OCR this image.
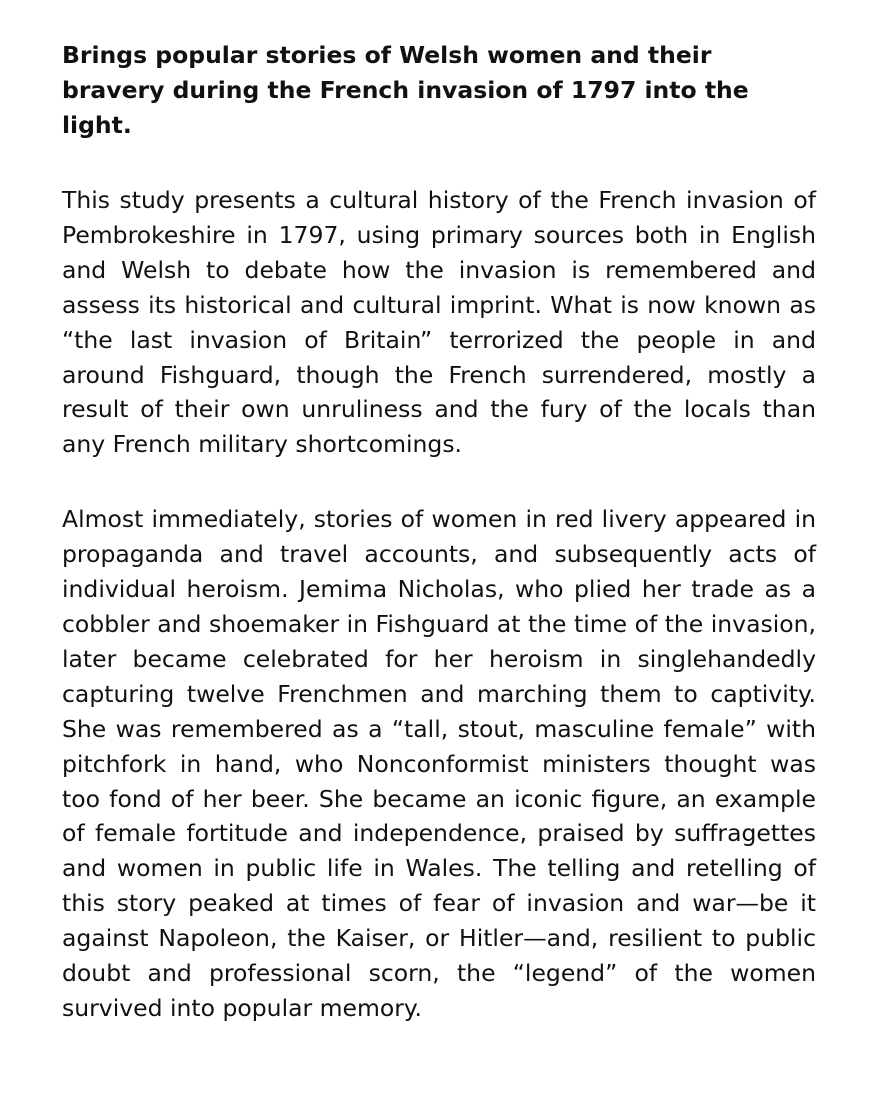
Brings popular stories of Welsh women and their bravery during the French invasion of 1797 into the light.

This study presents a cultural history of the French invasion of Pembrokeshire in 1797, using primary sources both in English and Welsh to debate how the invasion is remembered and assess its historical and cultural imprint. What is now known as “the last invasion of Britain” terrorized the people in and around Fishguard, though the French surrendered, mostly a result of their own unruliness and the fury of the locals than any French military shortcomings.

Almost immediately, stories of women in red livery appeared in propaganda and travel accounts, and subsequently acts of individual heroism. Jemima Nicholas, who plied her trade as a cobbler and shoemaker in Fishguard at the time of the invasion, later became celebrated for her heroism in singlehandedly capturing twelve Frenchmen and marching them to captivity. She was remembered as a “tall, stout, masculine female” with pitchfork in hand, who Nonconformist ministers thought was too fond of her beer. She became an iconic figure, an example of female fortitude and independence, praised by suffragettes and women in public life in Wales. The telling and retelling of this story peaked at times of fear of invasion and war—be it against Napoleon, the Kaiser, or Hitler—and, resilient to public doubt and professional scorn, the “legend” of the women survived into popular memory.
